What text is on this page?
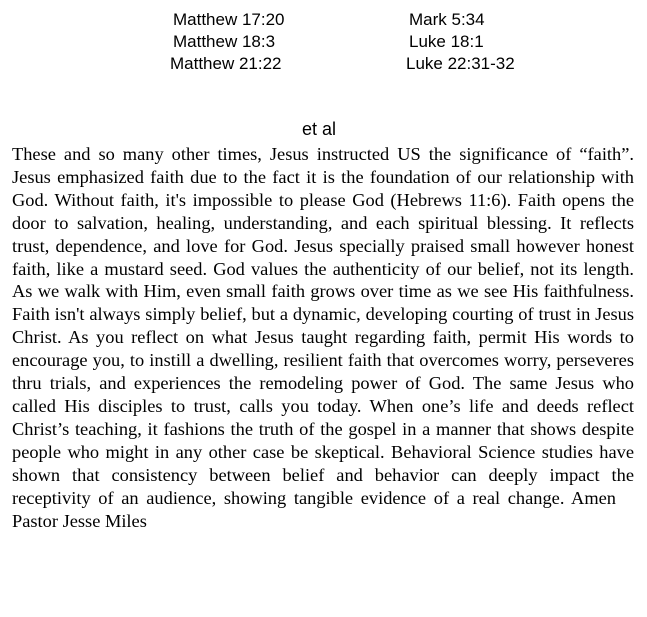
Matthew 17:20
Matthew 18:3
Matthew 21:22
Mark 5:34
Luke 18:1
Luke 22:31-32
et al
These and so many other times, Jesus instructed US the significance of “faith”. Jesus emphasized faith due to the fact it is the foundation of our relationship with God. Without faith, it's impossible to please God (Hebrews 11:6). Faith opens the door to salvation, healing, understanding, and each spiritual blessing. It reflects trust, dependence, and love for God. Jesus specially praised small however honest faith, like a mustard seed. God values the authenticity of our belief, not its length. As we walk with Him, even small faith grows over time as we see His faithfulness. Faith isn't always simply belief, but a dynamic, developing courting of trust in Jesus Christ. As you reflect on what Jesus taught regarding faith, permit His words to encourage you, to instill a dwelling, resilient faith that overcomes worry, perseveres thru trials, and experiences the remodeling power of God. The same Jesus who called His disciples to trust, calls you today. When one’s life and deeds reflect Christ’s teaching, it fashions the truth of the gospel in a manner that shows despite people who might in any other case be skeptical. Behavioral Science studies have shown that consistency between belief and behavior can deeply impact the receptivity of an audience, showing tangible evidence of a real change. AmenPastor Jesse Miles
